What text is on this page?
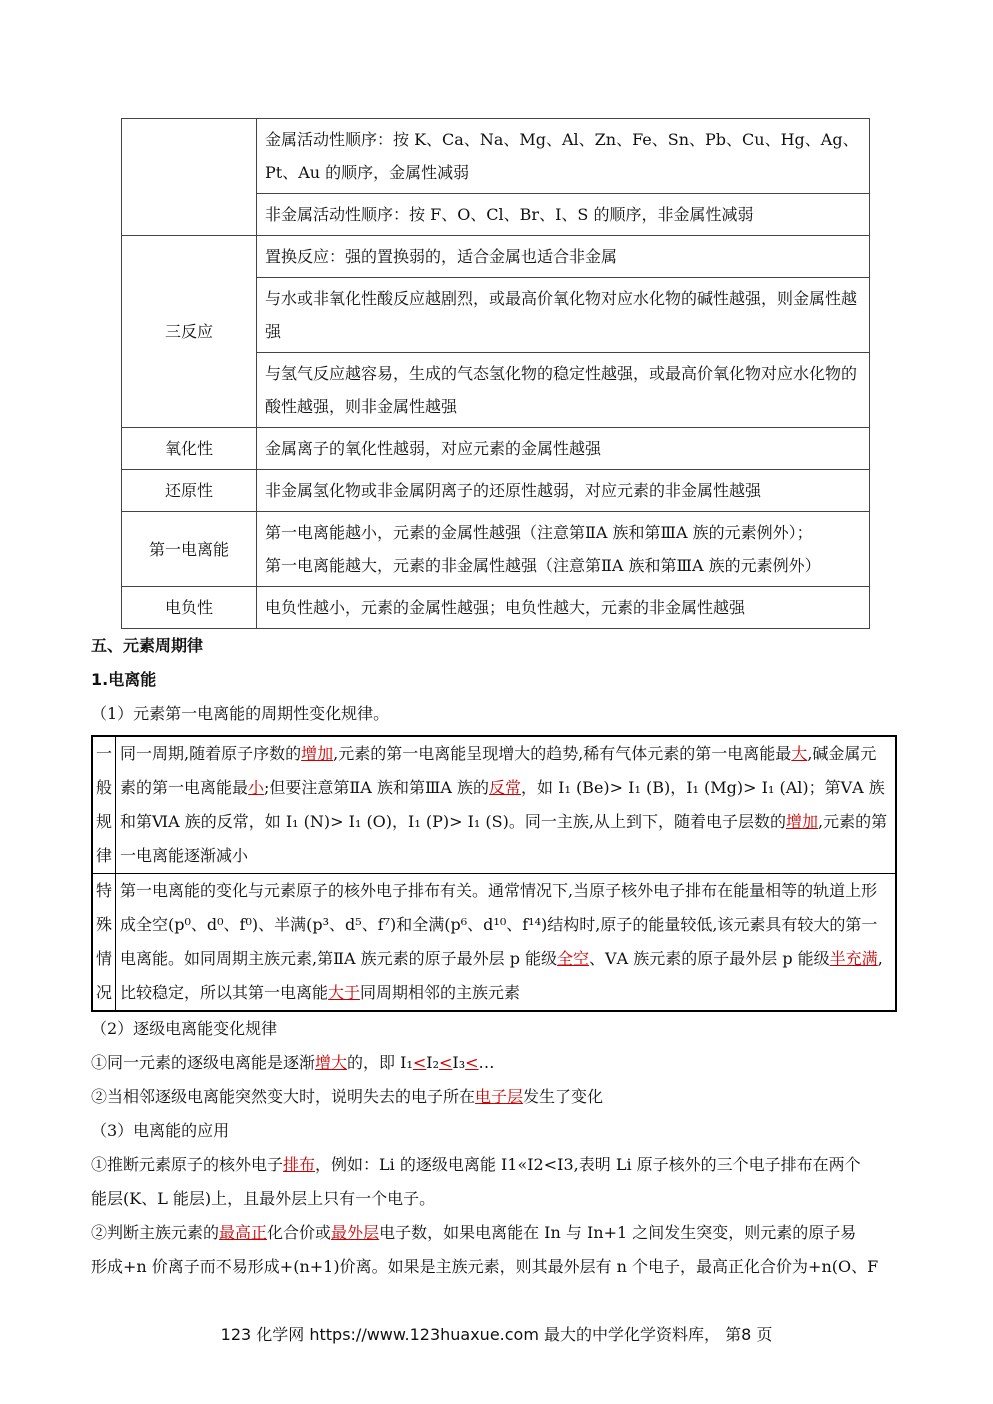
	金属活动性顺序：按 K、Ca、Na、Mg、Al、Zn、Fe、Sn、Pb、Cu、Hg、Ag、Pt、Au 的顺序，金属性减弱
	非金属活动性顺序：按 F、O、Cl、Br、I、S 的顺序，非金属性减弱
三反应	置换反应：强的置换弱的，适合金属也适合非金属
	与水或非氧化性酸反应越剧烈，或最高价氧化物对应水化物的碱性越强，则金属性越强
	与氢气反应越容易，生成的气态氢化物的稳定性越强，或最高价氧化物对应水化物的酸性越强，则非金属性越强
氧化性	金属离子的氧化性越弱，对应元素的金属性越强
还原性	非金属氢化物或非金属阴离子的还原性越弱，对应元素的非金属性越强
第一电离能	第一电离能越小，元素的金属性越强（注意第ⅡA 族和第ⅢA 族的元素例外）；
第一电离能越大，元素的非金属性越强（注意第ⅡA 族和第ⅢA 族的元素例外）

电负性	电负性越小，元素的金属性越强；电负性越大，元素的非金属性越强
五、元素周期律
1.电离能
（1）元素第一电离能的周期性变化规律。
一般规律	同一周期,随着原子序数的增加,元素的第一电离能呈现增大的趋势,稀有气体元素的第一电离能最大,碱金属元素的第一电离能最小;但要注意第ⅡA 族和第ⅢA 族的反常，如 I₁ (Be)> I₁ (B)，I₁ (Mg)> I₁ (Al)；第ⅤA 族和第ⅥA 族的反常，如 I₁ (N)> I₁ (O)，I₁ (P)> I₁ (S)。同一主族,从上到下，随着电子层数的增加,元素的第一电离能逐渐减小
特殊情况	第一电离能的变化与元素原子的核外电子排布有关。通常情况下,当原子核外电子排布在能量相等的轨道上形成全空(p⁰、d⁰、f⁰)、半满(p³、d⁵、f⁷)和全满(p⁶、d¹⁰、f¹⁴)结构时,原子的能量较低,该元素具有较大的第一电离能。如同周期主族元素,第ⅡA 族元素的原子最外层 p 能级全空、ⅤA 族元素的原子最外层 p 能级半充满,比较稳定，所以其第一电离能大于同周期相邻的主族元素
（2）逐级电离能变化规律
①同一元素的逐级电离能是逐渐增大的，即 I₁<I₂<I₃<…
②当相邻逐级电离能突然变大时，说明失去的电子所在电子层发生了变化
（3）电离能的应用
①推断元素原子的核外电子排布，例如：Li 的逐级电离能 I1«I2<I3,表明 Li 原子核外的三个电子排布在两个
能层(K、L 能层)上，且最外层上只有一个电子。
②判断主族元素的最高正化合价或最外层电子数，如果电离能在 In 与 In+1 之间发生突变，则元素的原子易
形成+n 价离子而不易形成+(n+1)价离。如果是主族元素，则其最外层有 n 个电子，最高正化合价为+n(O、F
123 化学网 https://www.123huaxue.com 最大的中学化学资料库， 第8 页
